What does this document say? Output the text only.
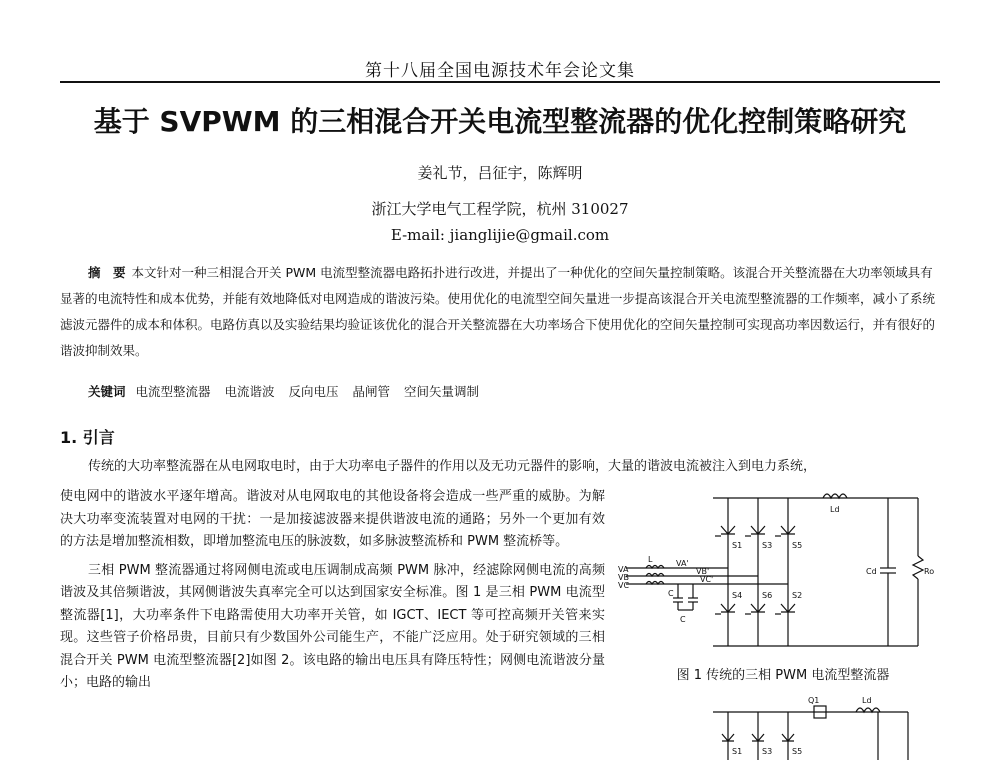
第十八届全国电源技术年会论文集
基于 SVPWM 的三相混合开关电流型整流器的优化控制策略研究
姜礼节，吕征宇，陈辉明
浙江大学电气工程学院，杭州 310027
E-mail: jianglijie@gmail.com
摘　要 本文针对一种三相混合开关 PWM 电流型整流器电路拓扑进行改进，并提出了一种优化的空间矢量控制策略。该混合开关整流器在大功率领域具有显著的电流特性和成本优势，并能有效地降低对电网造成的谐波污染。使用优化的电流型空间矢量进一步提高该混合开关电流型整流器的工作频率，减小了系统滤波元器件的成本和体积。电路仿真以及实验结果均验证该优化的混合开关整流器在大功率场合下使用优化的空间矢量控制可实现高功率因数运行，并有很好的谐波抑制效果。
关键词 电流型整流器 电流谐波 反向电压 晶闸管 空间矢量调制
1. 引言
传统的大功率整流器在从电网取电时，由于大功率电子器件的作用以及无功元器件的影响，大量的谐波电流被注入到电力系统，

使电网中的谐波水平逐年增高。谐波对从电网取电的其他设备将会造成一些严重的威胁。为解决大功率变流装置对电网的干扰：一是加接滤波器来提供谐波电流的通路；另外一个更加有效的方法是增加整流相数，即增加整流电压的脉波数，如多脉波整流桥和 PWM 整流桥等。

三相 PWM 整流器通过将网侧电流或电压调制成高频 PWM 脉冲，经滤除网侧电流的高频谐波及其倍频谐波，其网侧谐波失真率完全可以达到国家安全标准。图 1 是三相 PWM 电流型整流器[1]，大功率条件下电路需使用大功率开关管，如 IGCT、IECT 等可控高频开关管来实现。这些管子价格昂贵，目前只有少数国外公司能生产，不能广泛应用。处于研究领域的三相混合开关 PWM 电流型整流器[2]如图 2。该电路的输出电压具有降压特性；网侧电流谐波分量小；电路的输出

Ld
L
VA
VB
VC
VA'
VB'
VC'
C
C
S1 S3 S5
S4 S6 S2
Cd	Ro
图 1 传统的三相 PWM 电流型整流器
Q1	Ld
S1 S3 S5
